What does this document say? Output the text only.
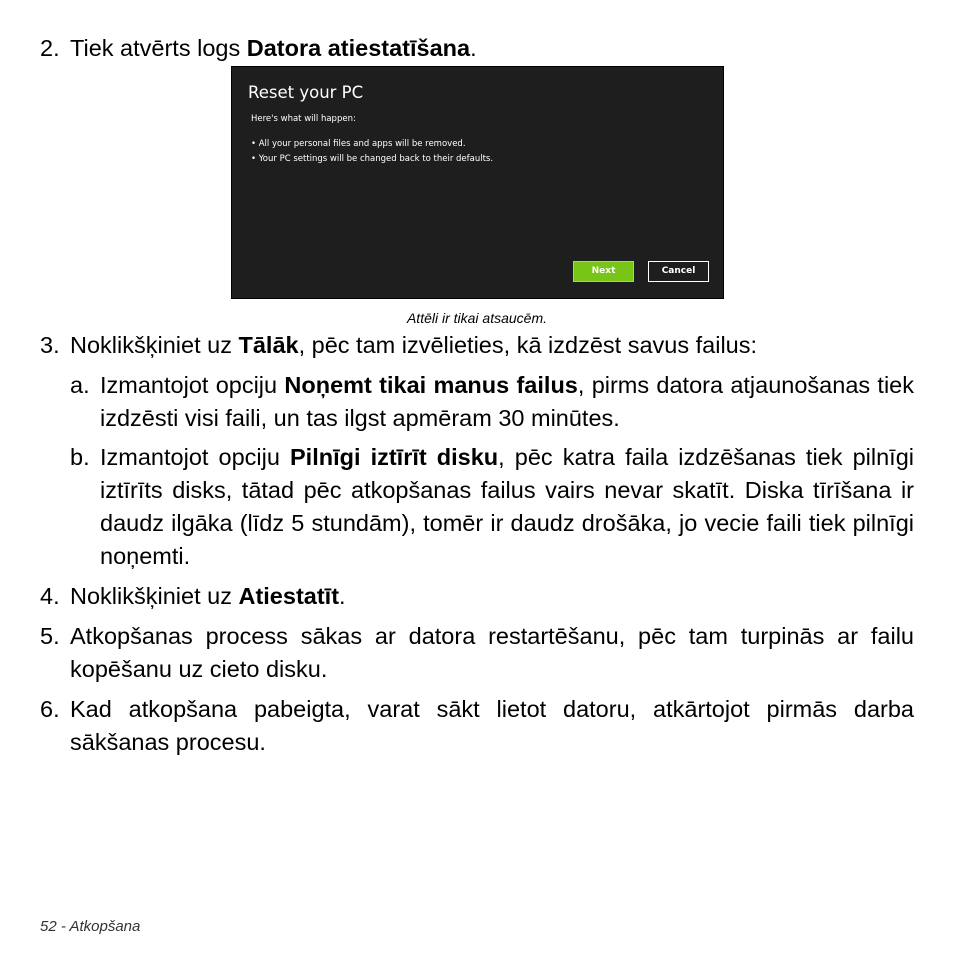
2. Tiek atvērts logs Datora atiestatīšana.
Reset your PC
Here's what will happen:
• All your personal files and apps will be removed.
• Your PC settings will be changed back to their defaults.
Next	Cancel
Attēli ir tikai atsaucēm.
3. Noklikšķiniet uz Tālāk, pēc tam izvēlieties, kā izdzēst savus failus:
a. Izmantojot opciju Noņemt tikai manus failus, pirms datora atjaunošanas tiek izdzēsti visi faili, un tas ilgst apmēram 30 minūtes.
b. Izmantojot opciju Pilnīgi iztīrīt disku, pēc katra faila izdzēšanas tiek pilnīgi iztīrīts disks, tātad pēc atkopšanas failus vairs nevar skatīt. Diska tīrīšana ir daudz ilgāka (līdz 5 stundām), tomēr ir daudz drošāka, jo vecie faili tiek pilnīgi noņemti.
4. Noklikšķiniet uz Atiestatīt.
5. Atkopšanas process sākas ar datora restartēšanu, pēc tam turpinās ar failu kopēšanu uz cieto disku.
6. Kad atkopšana pabeigta, varat sākt lietot datoru, atkārtojot pirmās darba sākšanas procesu.
52 - Atkopšana
